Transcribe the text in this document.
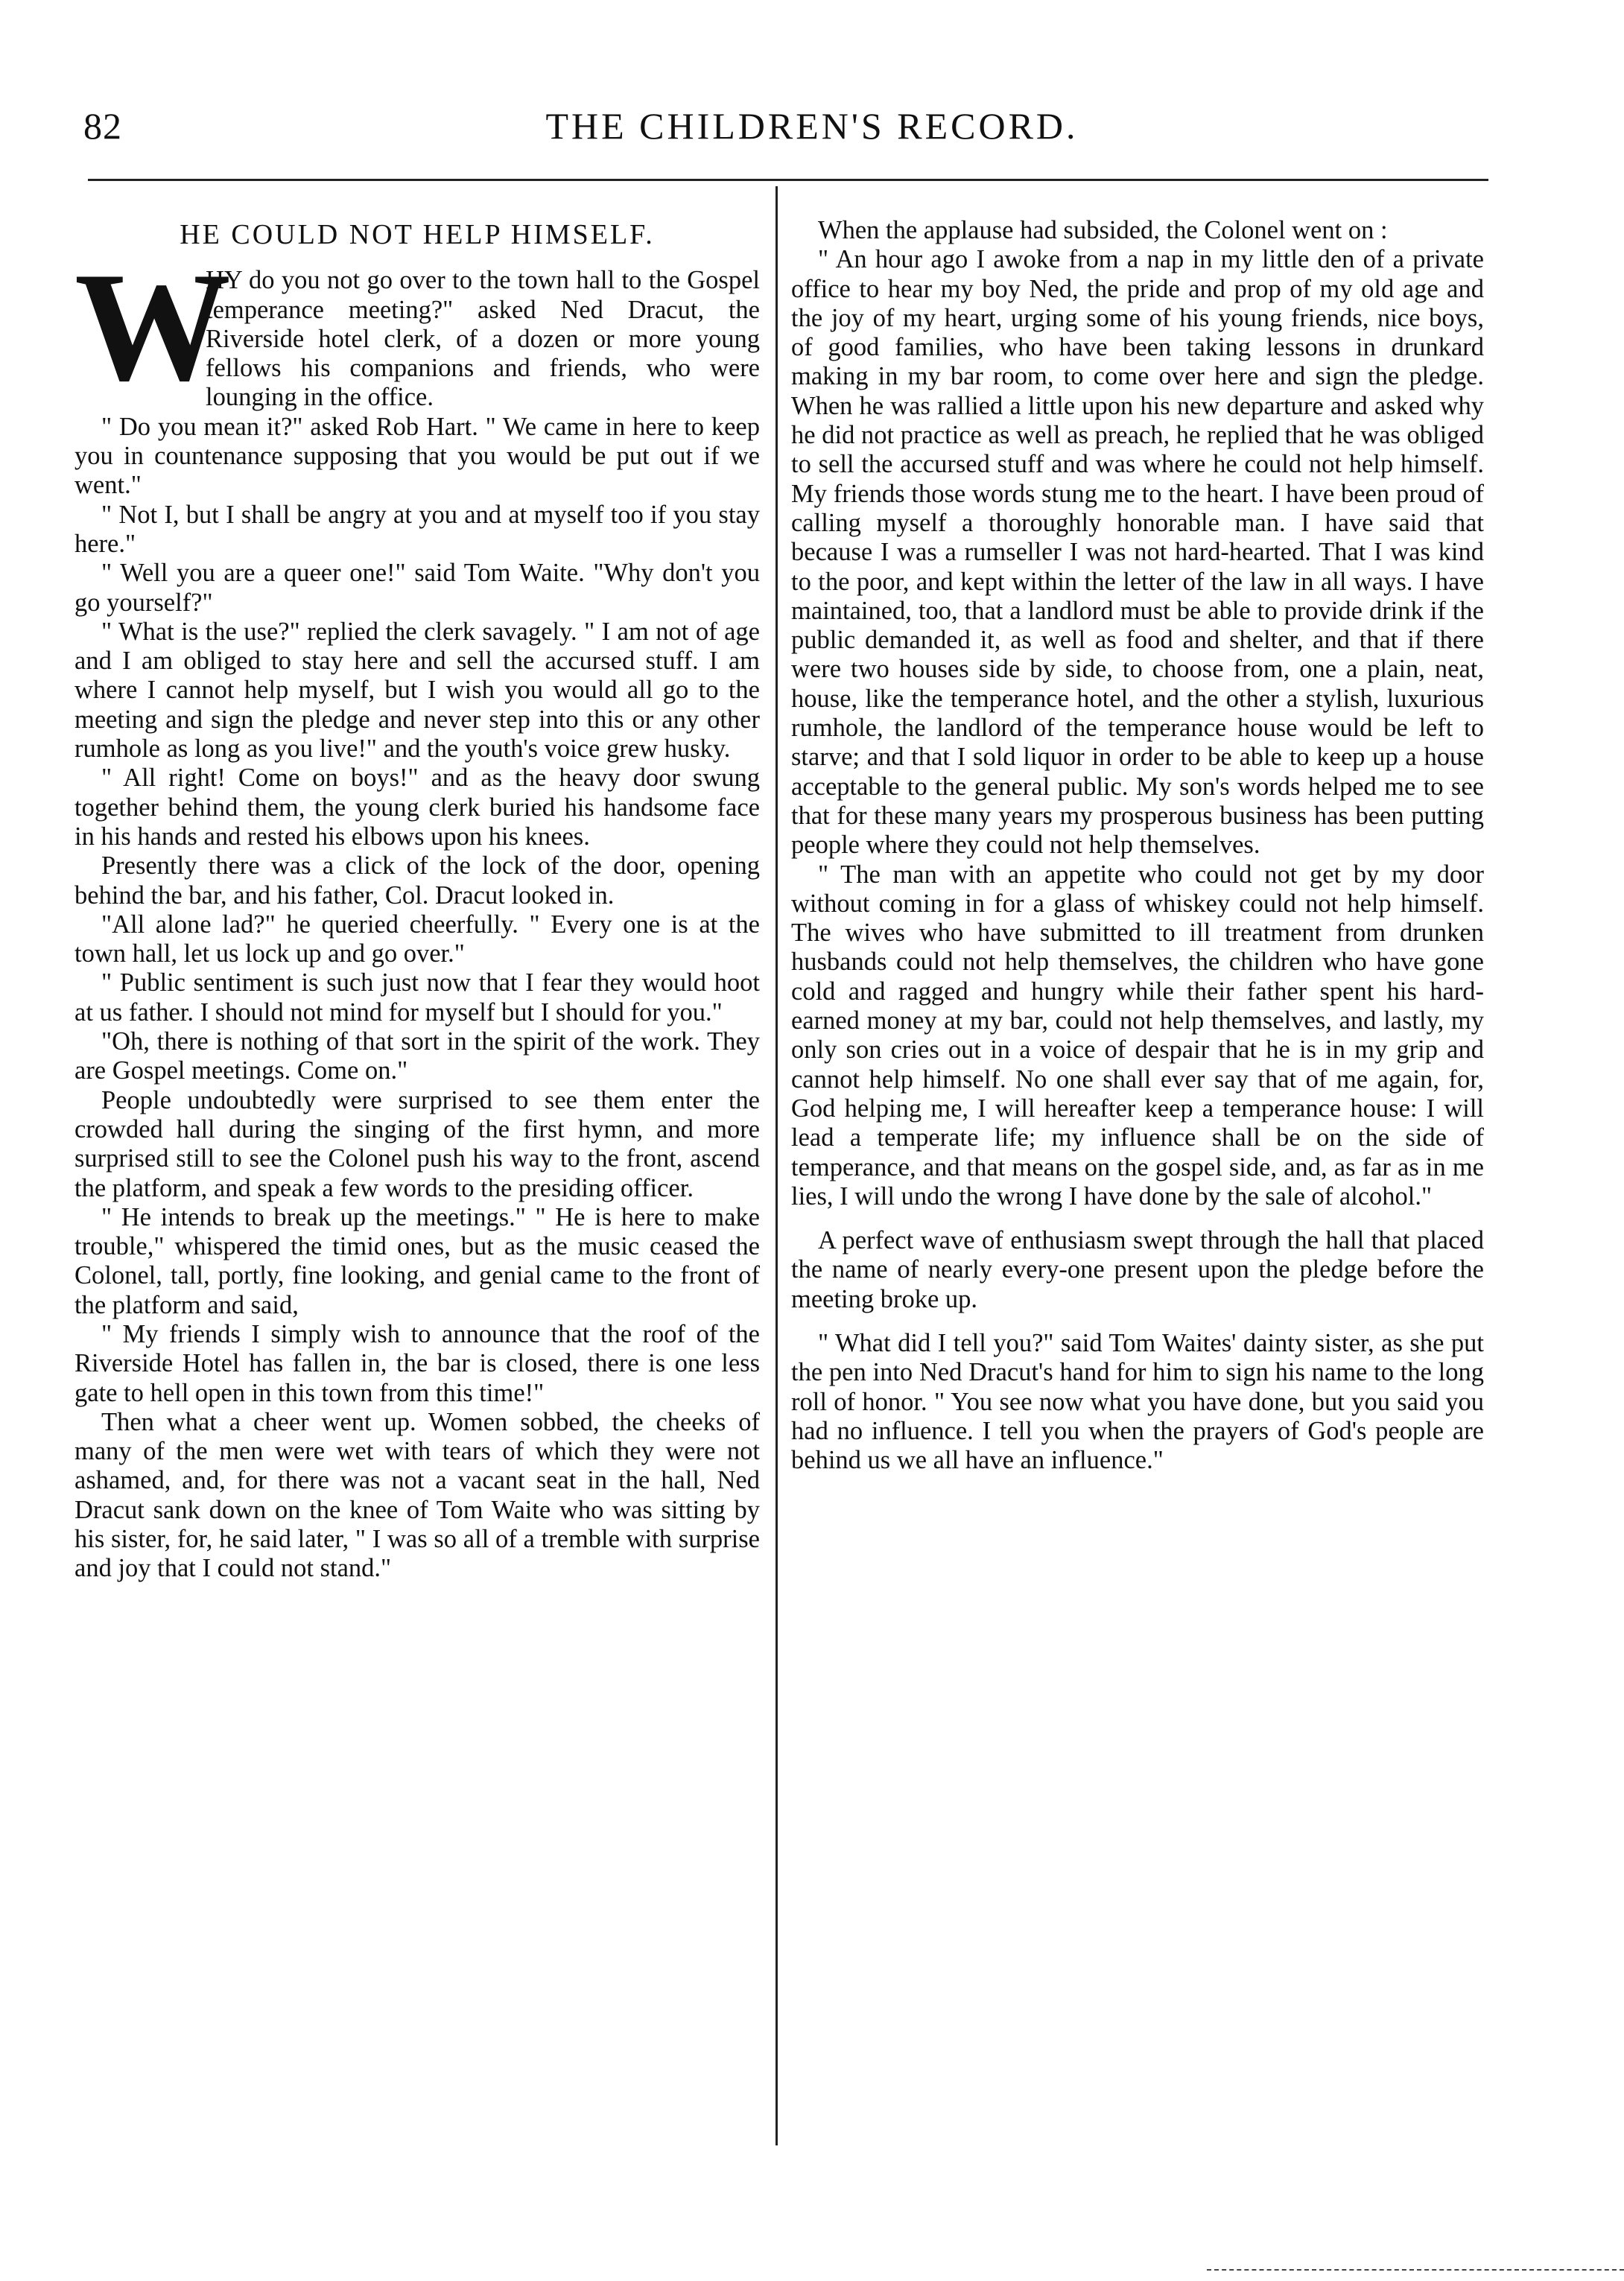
82	THE CHILDREN'S RECORD.
HE COULD NOT HELP HIMSELF.
W

HY do you not go over to the town hall to the Gospel temperance meeting?" asked Ned Dracut, the Riverside hotel clerk, of a dozen or more young fellows his companions and friends, who were lounging in the office.

" Do you mean it?" asked Rob Hart. " We came in here to keep you in countenance supposing that you would be put out if we went."

" Not I, but I shall be angry at you and at myself too if you stay here."

" Well you are a queer one!" said Tom Waite. "Why don't you go yourself?"

" What is the use?" replied the clerk savagely. " I am not of age and I am obliged to stay here and sell the accursed stuff. I am where I cannot help myself, but I wish you would all go to the meeting and sign the pledge and never step into this or any other rumhole as long as you live!" and the youth's voice grew husky.

" All right! Come on boys!" and as the heavy door swung together behind them, the young clerk buried his handsome face in his hands and rested his elbows upon his knees.

Presently there was a click of the lock of the door, opening behind the bar, and his father, Col. Dracut looked in.

"All alone lad?" he queried cheerfully. " Every one is at the town hall, let us lock up and go over."

" Public sentiment is such just now that I fear they would hoot at us father. I should not mind for myself but I should for you."

"Oh, there is nothing of that sort in the spirit of the work. They are Gospel meetings. Come on."

People undoubtedly were surprised to see them enter the crowded hall during the singing of the first hymn, and more surprised still to see the Colonel push his way to the front, ascend the platform, and speak a few words to the presiding officer.

" He intends to break up the meetings." " He is here to make trouble," whispered the timid ones, but as the music ceased the Colonel, tall, portly, fine looking, and genial came to the front of the platform and said,

" My friends I simply wish to announce that the roof of the Riverside Hotel has fallen in, the bar is closed, there is one less gate to hell open in this town from this time!"

Then what a cheer went up. Women sobbed, the cheeks of many of the men were wet with tears of which they were not ashamed, and, for there was not a vacant seat in the hall, Ned Dracut sank down on the knee of Tom Waite who was sitting by his sister, for, he said later, " I was so all of a tremble with surprise and joy that I could not stand."

When the applause had subsided, the Colonel went on :

" An hour ago I awoke from a nap in my little den of a private office to hear my boy Ned, the pride and prop of my old age and the joy of my heart, urging some of his young friends, nice boys, of good families, who have been taking lessons in drunkard making in my bar room, to come over here and sign the pledge. When he was rallied a little upon his new departure and asked why he did not practice as well as preach, he replied that he was obliged to sell the accursed stuff and was where he could not help himself. My friends those words stung me to the heart. I have been proud of calling myself a thoroughly honorable man. I have said that because I was a rumseller I was not hard-hearted. That I was kind to the poor, and kept within the letter of the law in all ways. I have maintained, too, that a landlord must be able to provide drink if the public demanded it, as well as food and shelter, and that if there were two houses side by side, to choose from, one a plain, neat, house, like the temperance hotel, and the other a stylish, luxurious rumhole, the landlord of the temperance house would be left to starve; and that I sold liquor in order to be able to keep up a house acceptable to the general public. My son's words helped me to see that for these many years my prosperous business has been putting people where they could not help themselves.

" The man with an appetite who could not get by my door without coming in for a glass of whiskey could not help himself. The wives who have submitted to ill treatment from drunken husbands could not help themselves, the children who have gone cold and ragged and hungry while their father spent his hard-earned money at my bar, could not help themselves, and lastly, my only son cries out in a voice of despair that he is in my grip and cannot help himself. No one shall ever say that of me again, for, God helping me, I will hereafter keep a temperance house: I will lead a temperate life; my influence shall be on the side of temperance, and that means on the gospel side, and, as far as in me lies, I will undo the wrong I have done by the sale of alcohol."

A perfect wave of enthusiasm swept through the hall that placed the name of nearly every-one present upon the pledge before the meeting broke up.

" What did I tell you?" said Tom Waites' dainty sister, as she put the pen into Ned Dracut's hand for him to sign his name to the long roll of honor. " You see now what you have done, but you said you had no influence. I tell you when the prayers of God's people are behind us we all have an influence."
